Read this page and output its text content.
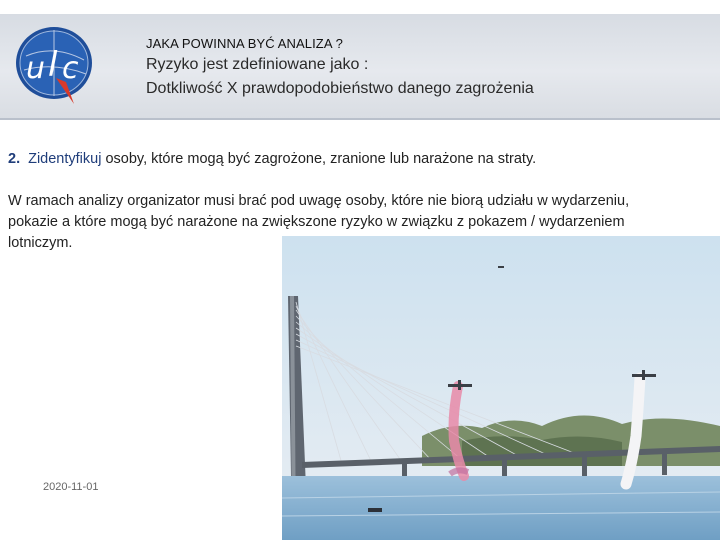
u l c
JAKA POWINNA BYĆ ANALIZA ?
Ryzyko jest zdefiniowane jako :
Dotkliwość X prawdopodobieństwo danego zagrożenia
2. Zidentyfikuj osoby, które mogą być zagrożone, zranione lub narażone na straty.
W ramach analizy organizator musi brać pod uwagę osoby, które nie biorą udziału w wydarzeniu, pokazie a które mogą być narażone na zwiększone ryzyko w związku z pokazem / wydarzeniem lotniczym.
2020-11-01
